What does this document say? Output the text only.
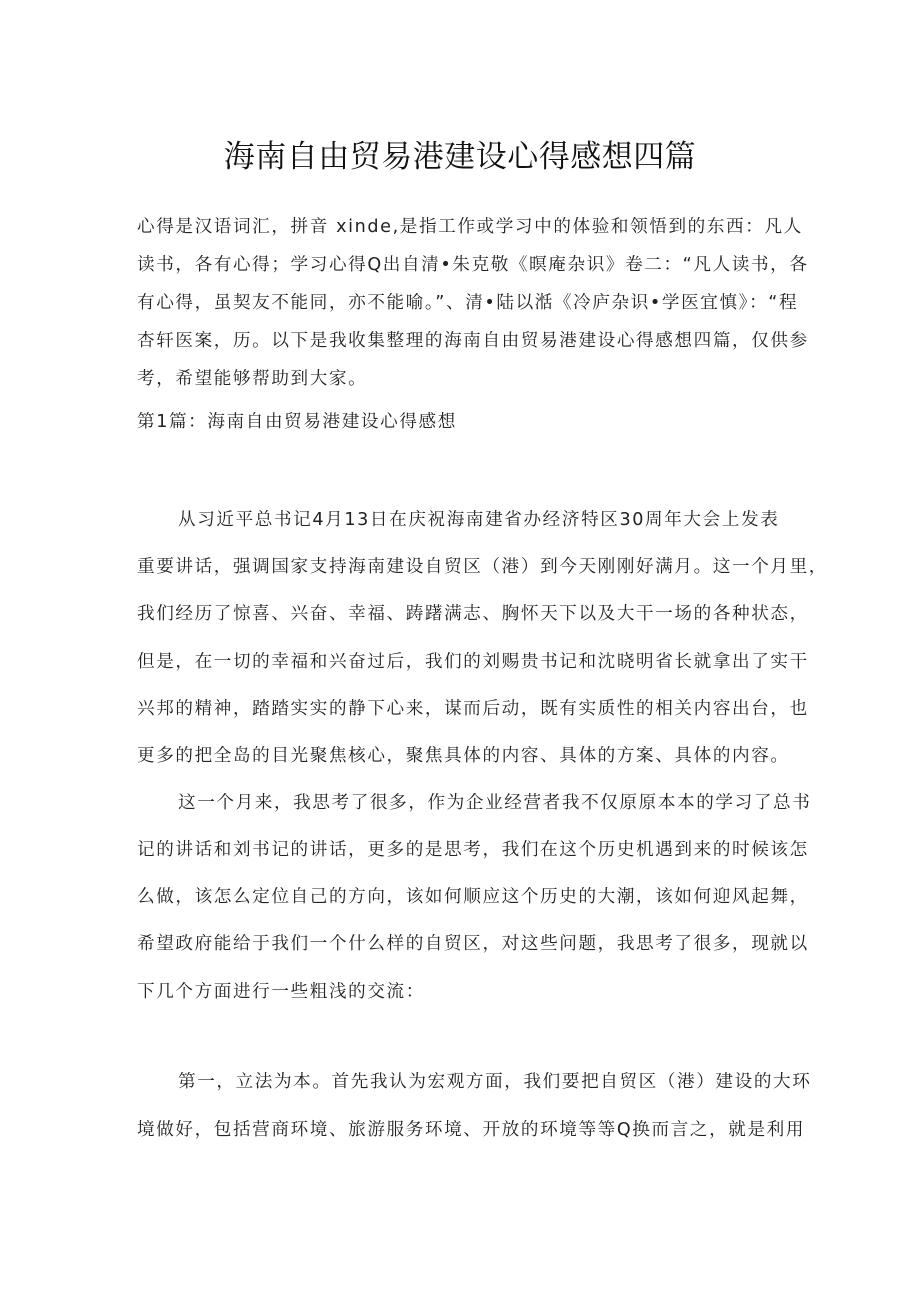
海南自由贸易港建设心得感想四篇
心得是汉语词汇，拼音 xinde,是指工作或学习中的体验和领悟到的东西：凡人
读书，各有心得；学习心得Q出自清•朱克敬《暝庵杂识》卷二：“凡人读书，各
有心得，虽契友不能同，亦不能喻。”、清•陆以湉《冷庐杂识•学医宜慎》：“程
杏轩医案，历。以下是我收集整理的海南自由贸易港建设心得感想四篇，仅供参
考，希望能够帮助到大家。
第1篇：海南自由贸易港建设心得感想
从习近平总书记4月13日在庆祝海南建省办经济特区30周年大会上发表
重要讲话，强调国家支持海南建设自贸区（港）到今天刚刚好满月。这一个月里，
我们经历了惊喜、兴奋、幸福、踌躇满志、胸怀天下以及大干一场的各种状态，
但是，在一切的幸福和兴奋过后，我们的刘赐贵书记和沈晓明省长就拿出了实干
兴邦的精神，踏踏实实的静下心来，谋而后动，既有实质性的相关内容出台，也
更多的把全岛的目光聚焦核心，聚焦具体的内容、具体的方案、具体的内容。
这一个月来，我思考了很多，作为企业经营者我不仅原原本本的学习了总书
记的讲话和刘书记的讲话，更多的是思考，我们在这个历史机遇到来的时候该怎
么做，该怎么定位自己的方向，该如何顺应这个历史的大潮，该如何迎风起舞，
希望政府能给于我们一个什么样的自贸区，对这些问题，我思考了很多，现就以
下几个方面进行一些粗浅的交流：
第一，立法为本。首先我认为宏观方面，我们要把自贸区（港）建设的大环
境做好，包括营商环境、旅游服务环境、开放的环境等等Q换而言之，就是利用
